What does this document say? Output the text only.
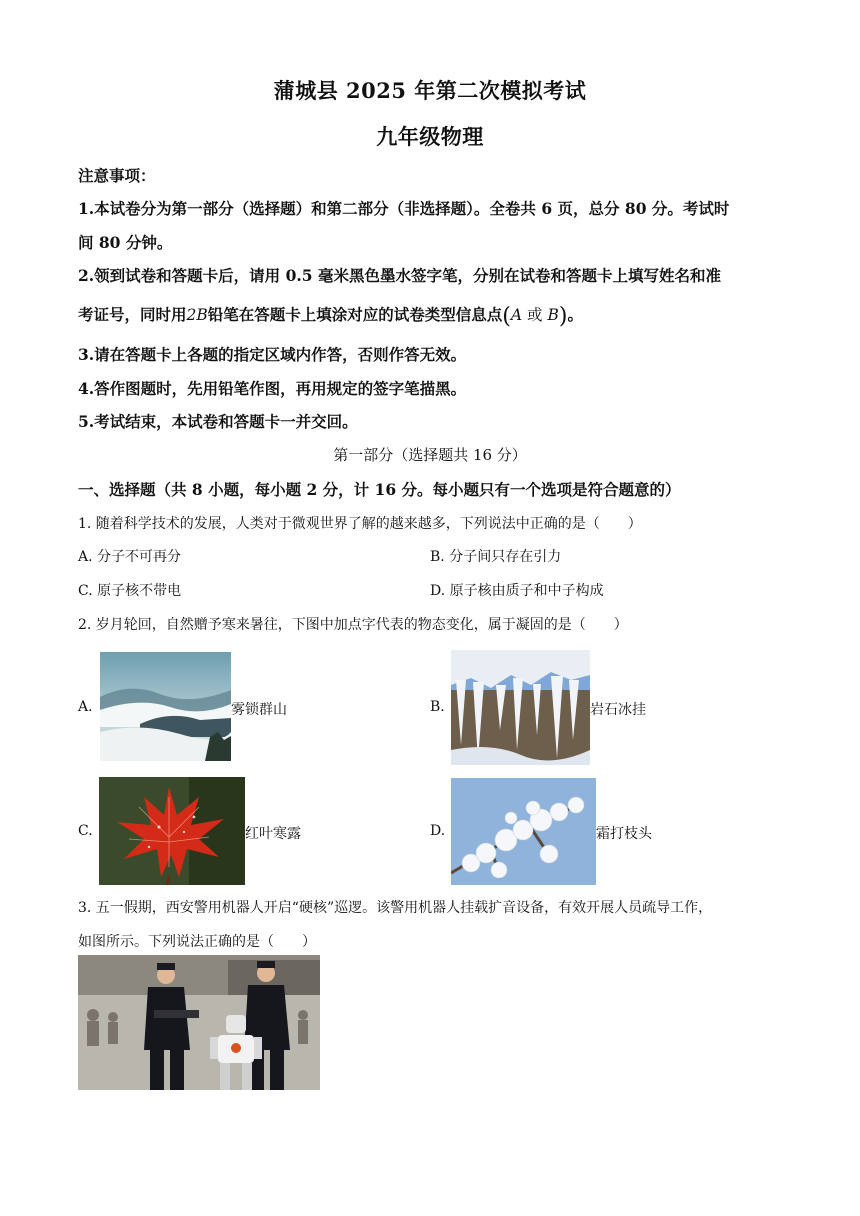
蒲城县 2025 年第二次模拟考试
九年级物理
注意事项：
1.本试卷分为第一部分（选择题）和第二部分（非选择题）。全卷共 6 页，总分 80 分。考试时
间 80 分钟。
2.领到试卷和答题卡后，请用 0.5 毫米黑色墨水签字笔，分别在试卷和答题卡上填写姓名和准
考证号，同时用2B铅笔在答题卡上填涂对应的试卷类型信息点(A 或 B)。
3.请在答题卡上各题的指定区域内作答，否则作答无效。
4.答作图题时，先用铅笔作图，再用规定的签字笔描黑。
5.考试结束，本试卷和答题卡一并交回。
第一部分（选择题共 16 分）
一、选择题（共 8 小题，每小题 2 分，计 16 分。每小题只有一个选项是符合题意的）
1. 随着科学技术的发展，人类对于微观世界了解的越来越多，下列说法中正确的是（　　）
A. 分子不可再分	B. 分子间只存在引力
C. 原子核不带电	D. 原子核由质子和中子构成
2. 岁月轮回，自然赠予寒来暑往，下图中加点字代表的物态变化，属于凝固的是（　　）
A.	雾锁群山	B.	岩石冰挂
C.	红叶寒露	D.	霜打枝头
3. 五一假期，西安警用机器人开启“硬核”巡逻。该警用机器人挂载扩音设备，有效开展人员疏导工作，
如图所示。下列说法正确的是（　　）
